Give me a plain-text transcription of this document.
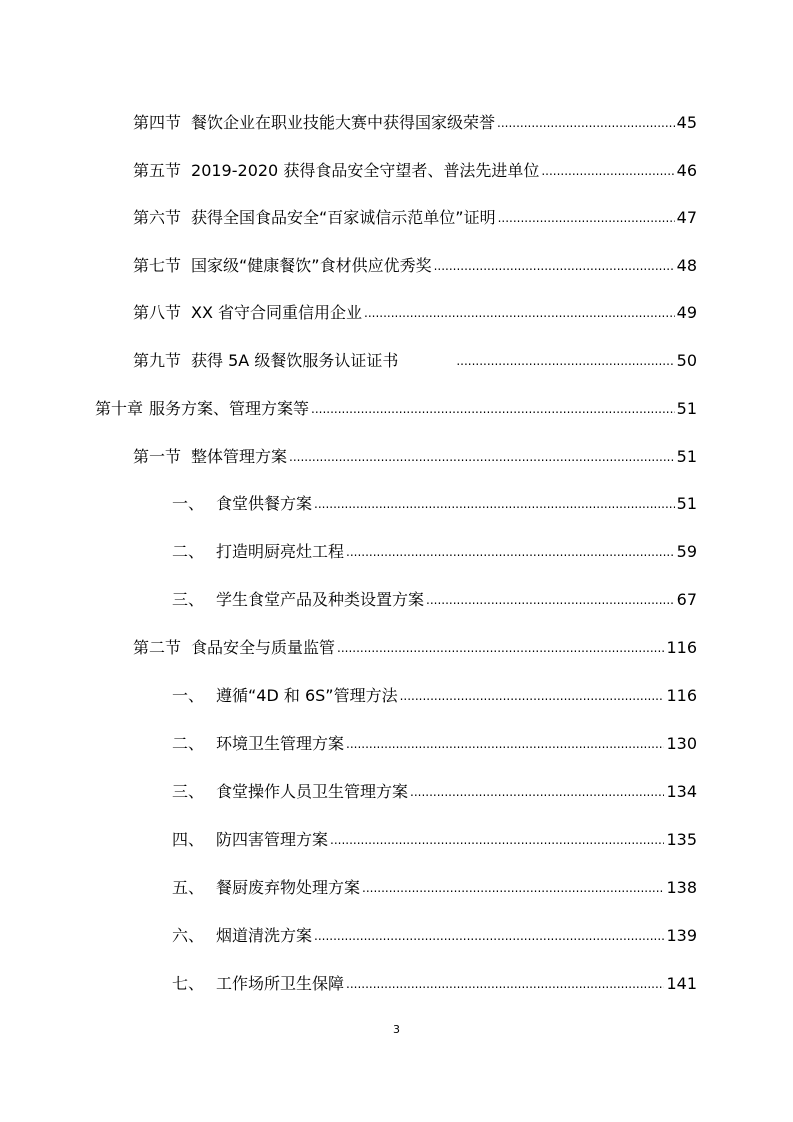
第四节 餐饮企业在职业技能大赛中获得国家级荣誉 .....	45
第五节 2019-2020 获得食品安全守望者、普法先进单位 .....	46
第六节 获得全国食品安全“百家诚信示范单位”证明 .....	47
第七节 国家级“健康餐饮”食材供应优秀奖 .....	48
第八节 XX 省守合同重信用企业 .....	49
第九节 获得 5A 级餐饮服务认证证书 .....	50
第十章 服务方案、管理方案等 .....	51
第一节 整体管理方案 .....	51
一、 食堂供餐方案 .....	51
二、 打造明厨亮灶工程 .....	59
三、 学生食堂产品及种类设置方案 .....	67
第二节 食品安全与质量监管 .....	116
一、 遵循“4D 和 6S”管理方法 .....	116
二、 环境卫生管理方案 .....	130
三、 食堂操作人员卫生管理方案 .....	134
四、 防四害管理方案 .....	135
五、 餐厨废弃物处理方案 .....	138
六、 烟道清洗方案 .....	139
七、 工作场所卫生保障 .....	141
3
